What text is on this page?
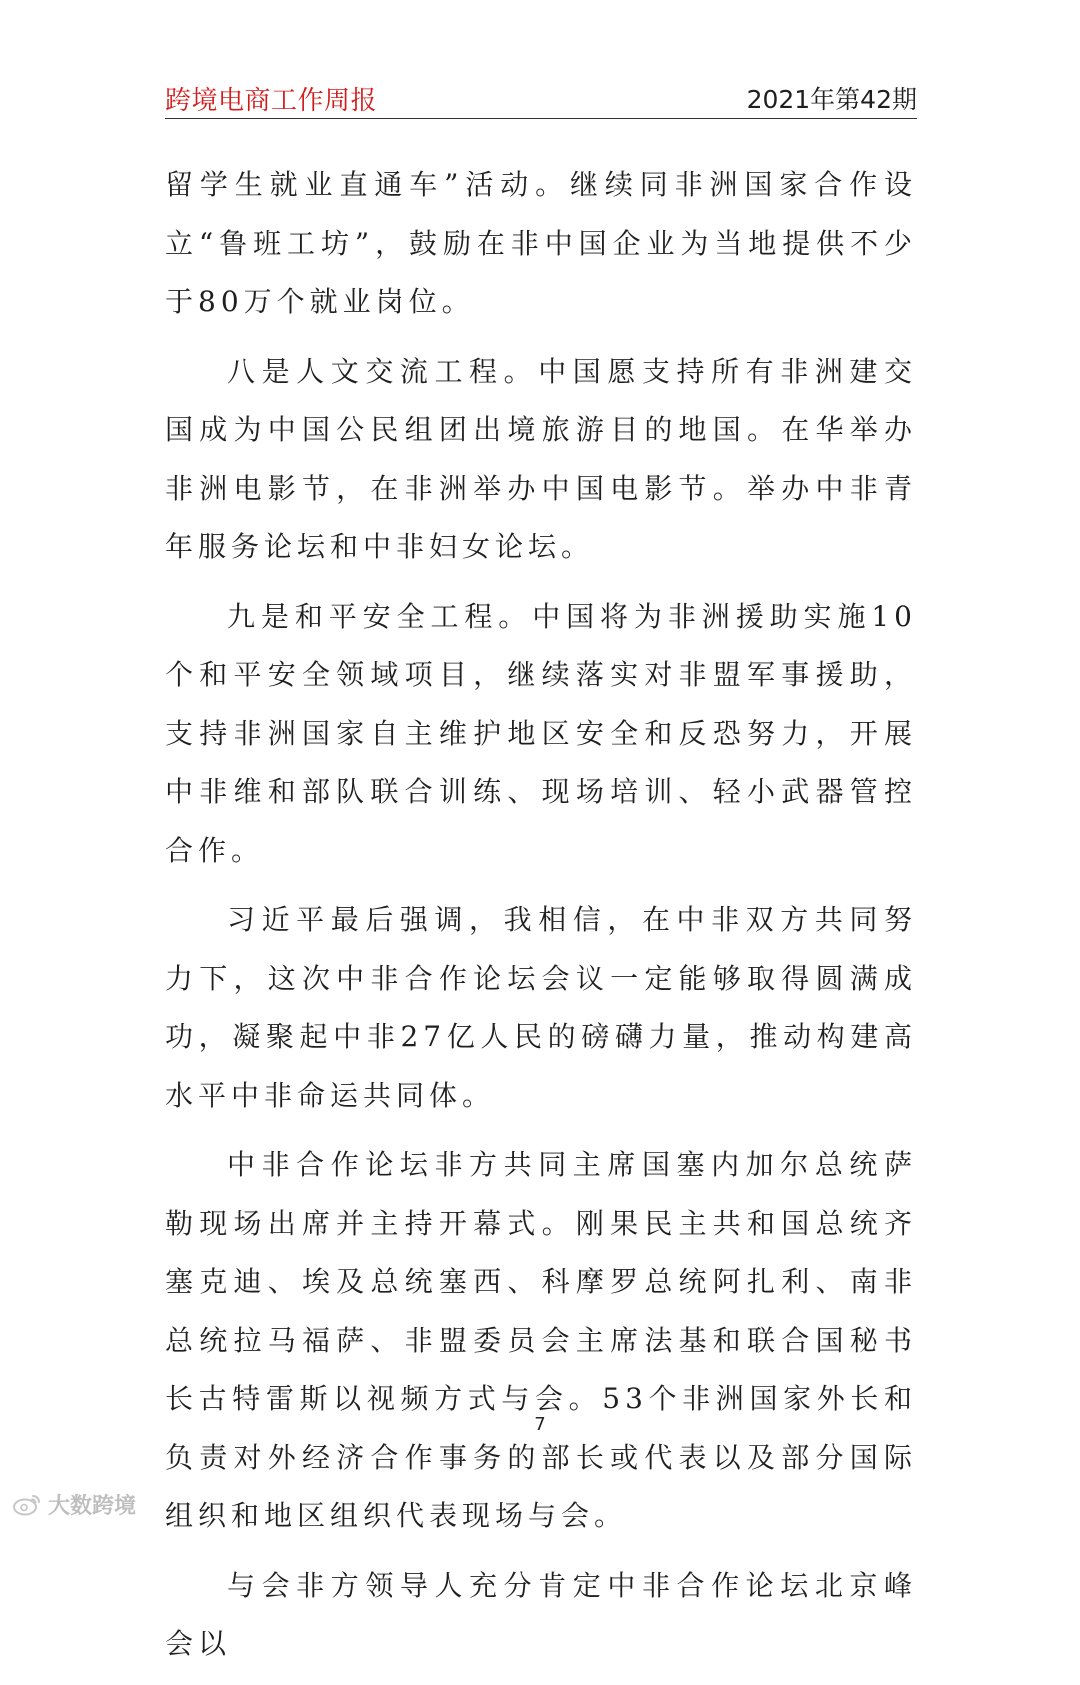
跨境电商工作周报	2021年第42期

留学生就业直通车”活动。继续同非洲国家合作设立“鲁班工坊”，鼓励在非中国企业为当地提供不少于80万个就业岗位。

八是人文交流工程。中国愿支持所有非洲建交国成为中国公民组团出境旅游目的地国。在华举办非洲电影节，在非洲举办中国电影节。举办中非青年服务论坛和中非妇女论坛。

九是和平安全工程。中国将为非洲援助实施10个和平安全领域项目，继续落实对非盟军事援助，支持非洲国家自主维护地区安全和反恐努力，开展中非维和部队联合训练、现场培训、轻小武器管控合作。

习近平最后强调，我相信，在中非双方共同努力下，这次中非合作论坛会议一定能够取得圆满成功，凝聚起中非27亿人民的磅礴力量，推动构建高水平中非命运共同体。

中非合作论坛非方共同主席国塞内加尔总统萨勒现场出席并主持开幕式。刚果民主共和国总统齐塞克迪、埃及总统塞西、科摩罗总统阿扎利、南非总统拉马福萨、非盟委员会主席法基和联合国秘书长古特雷斯以视频方式与会。53个非洲国家外长和负责对外经济合作事务的部长或代表以及部分国际组织和地区组织代表现场与会。

与会非方领导人充分肯定中非合作论坛北京峰会以

7
大数跨境
